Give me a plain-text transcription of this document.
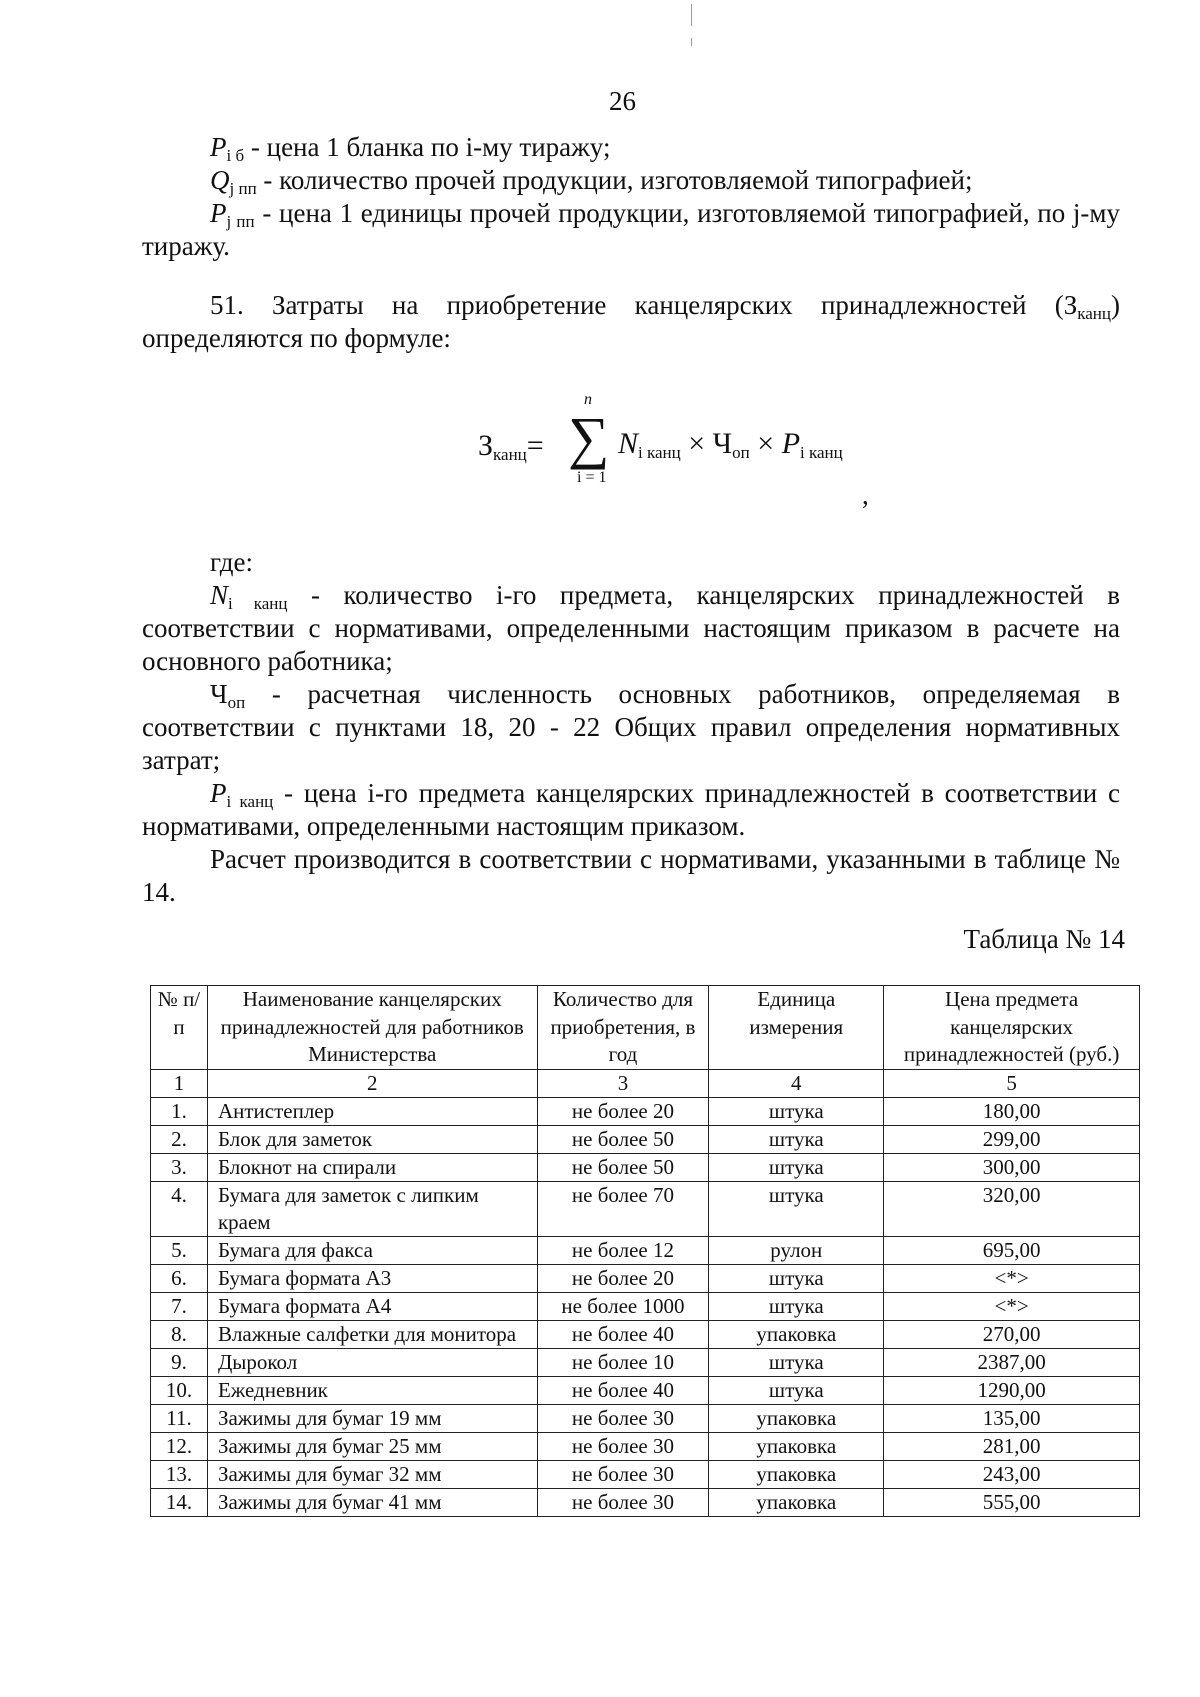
26

$P_{i б}$ - цена 1 бланка по i-му тиражу;

$Q_{j пп}$ - количество прочей продукции, изготовляемой типографией;

$P_{j пп}$ - цена 1 единицы прочей продукции, изготовляемой типографией, по j-му тиражу.

51. Затраты на приобретение канцелярских принадлежностей $(З_{канц})$ определяются по формуле:

$З_{канц}=$
n
∑
i = 1
$N_{i канц} \times Ч_{оп} \times P_{i канц}$
,

где:

$N_{i канц}$ - количество i-го предмета, канцелярских принадлежностей в соответствии с нормативами, определенными настоящим приказом в расчете на основного работника;

$Ч_{оп}$ - расчетная численность основных работников, определяемая в соответствии с пунктами 18, 20 - 22 Общих правил определения нормативных затрат;

$P_{i канц}$ - цена i-го предмета канцелярских принадлежностей в соответствии с нормативами, определенными настоящим приказом.

Расчет производится в соответствии с нормативами, указанными в таблице № 14.

Таблица № 14
№ п/п	Наименование канцелярских принадлежностей для работников Министерства	Количество для приобретения, в год	Единица измерения	Цена предмета канцелярских принадлежностей (руб.)
1	2	3	4	5
1.	Антистеплер	не более 20	штука	180,00
2.	Блок для заметок	не более 50	штука	299,00
3.	Блокнот на спирали	не более 50	штука	300,00
4.	Бумага для заметок с липким краем	не более 70	штука	320,00
5.	Бумага для факса	не более 12	рулон	695,00
6.	Бумага формата А3	не более 20	штука	<*>
7.	Бумага формата А4	не более 1000	штука	<*>
8.	Влажные салфетки для монитора	не более 40	упаковка	270,00
9.	Дырокол	не более 10	штука	2387,00
10.	Ежедневник	не более 40	штука	1290,00
11.	Зажимы для бумаг 19 мм	не более 30	упаковка	135,00
12.	Зажимы для бумаг 25 мм	не более 30	упаковка	281,00
13.	Зажимы для бумаг 32 мм	не более 30	упаковка	243,00
14.	Зажимы для бумаг 41 мм	не более 30	упаковка	555,00
